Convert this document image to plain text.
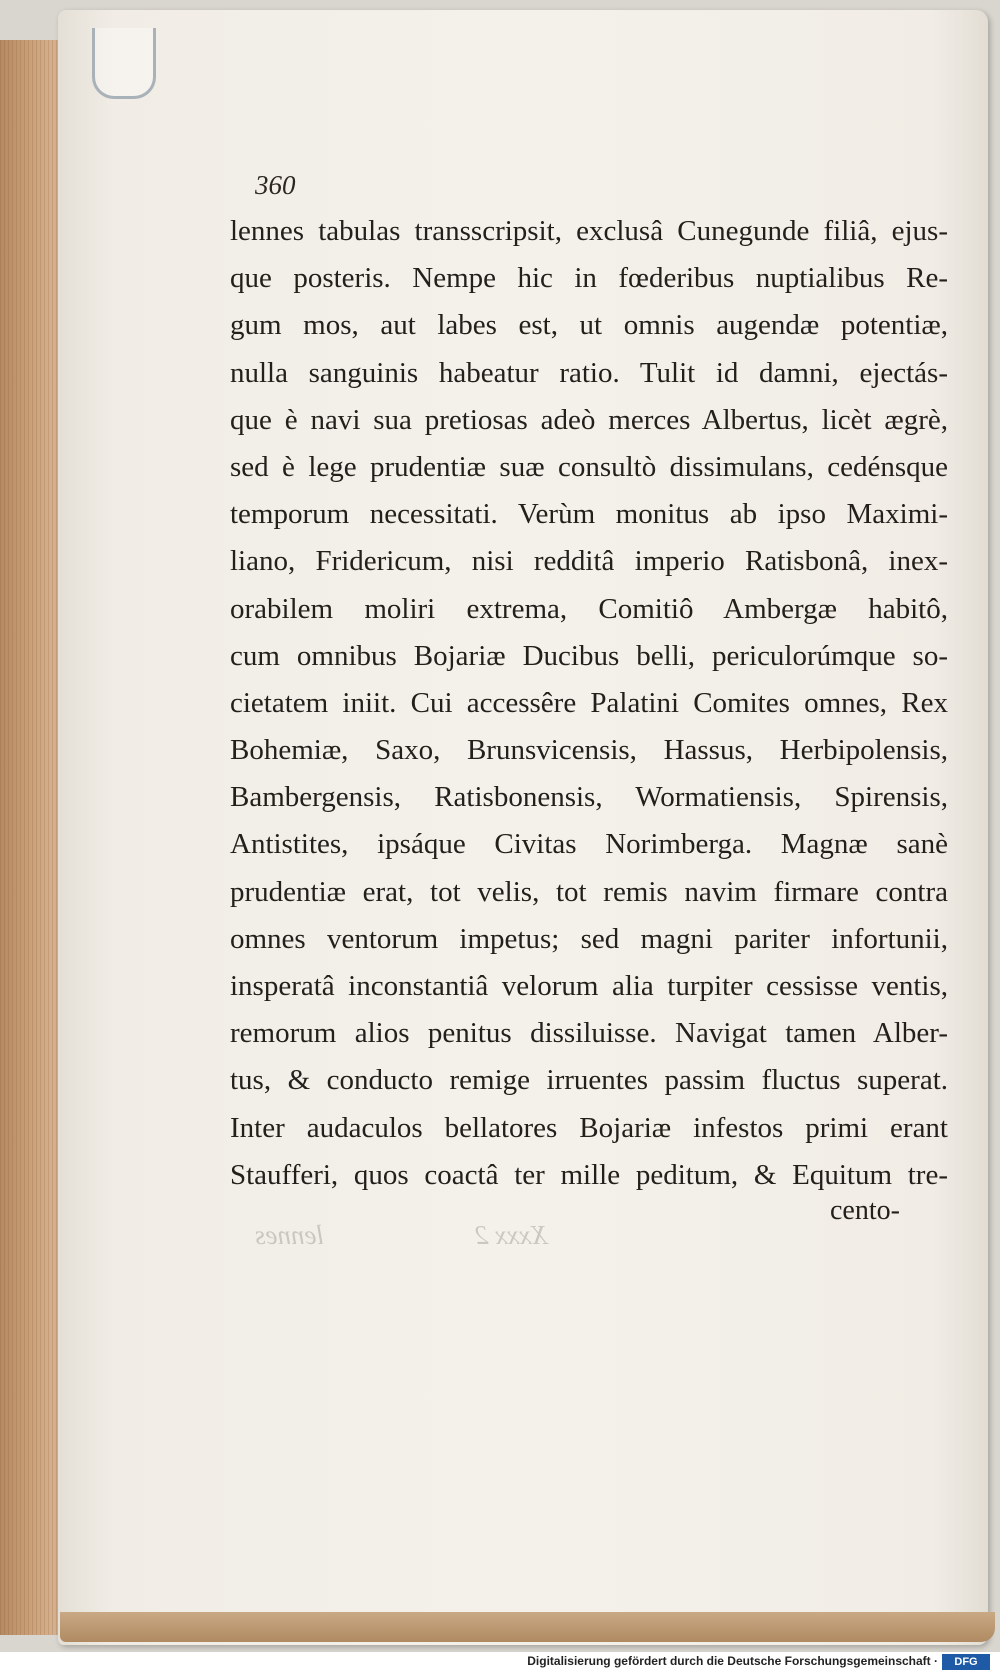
lennes	Xxxx 2
360
lennes tabulas transscripsit, exclusâ Cunegunde filiâ, ejus-
que posteris. Nempe hic in fœderibus nuptialibus Re-
gum mos, aut labes est, ut omnis augendæ potentiæ,
nulla sanguinis habeatur ratio. Tulit id damni, ejectás-
que è navi sua pretiosas adeò merces Albertus, licèt ægrè,
sed è lege prudentiæ suæ consultò dissimulans, cedénsque
temporum necessitati. Verùm monitus ab ipso Maximi-
liano, Fridericum, nisi redditâ imperio Ratisbonâ, inex-
orabilem moliri extrema, Comitiô Ambergæ habitô,
cum omnibus Bojariæ Ducibus belli, periculorúmque so-
cietatem iniit. Cui accessêre Palatini Comites omnes, Rex
Bohemiæ, Saxo, Brunsvicensis, Hassus, Herbipolensis,
Bambergensis, Ratisbonensis, Wormatiensis, Spirensis,
Antistites, ipsáque Civitas Norimberga. Magnæ sanè
prudentiæ erat, tot velis, tot remis navim firmare contra
omnes ventorum impetus; sed magni pariter infortunii,
insperatâ inconstantiâ velorum alia turpiter cessisse ventis,
remorum alios penitus dissiluisse. Navigat tamen Alber-
tus, & conducto remige irruentes passim fluctus superat.
Inter audaculos bellatores Bojariæ infestos primi erant
Staufferi, quos coactâ ter mille peditum, & Equitum tre-
cento-
Digitalisierung gefördert durch die Deutsche Forschungsgemeinschaft ·	DFG
